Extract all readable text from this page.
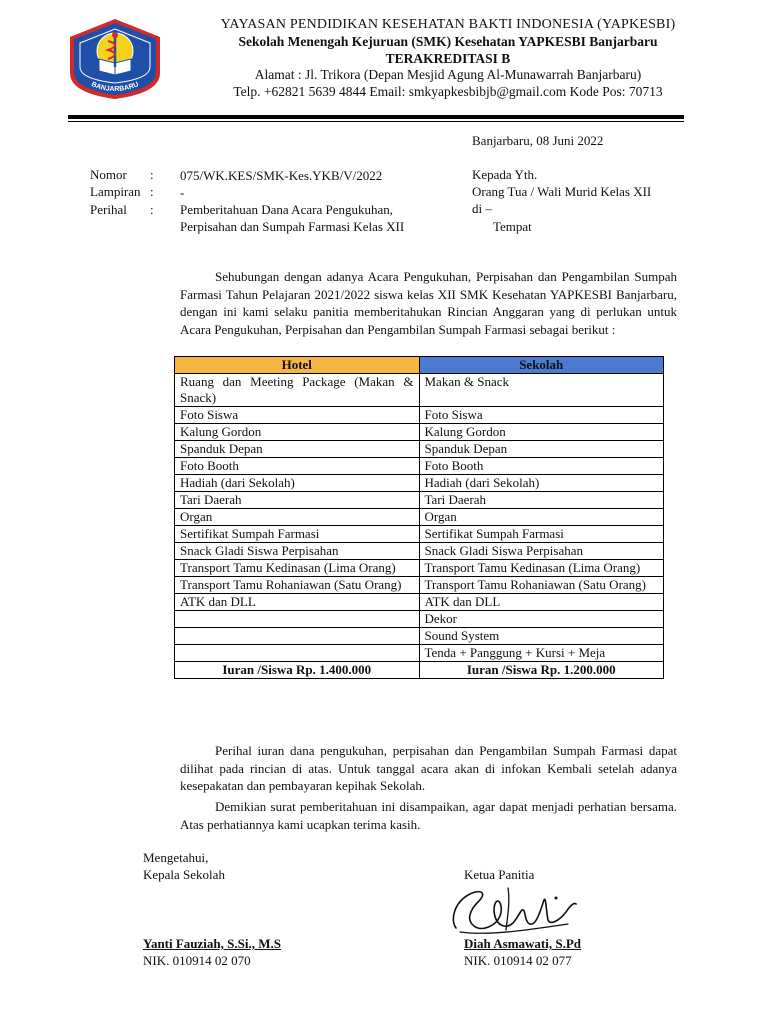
BANJARBARU
YAYASAN PENDIDIKAN KESEHATAN BAKTI INDONESIA (YAPKESBI)
Sekolah Menengah Kejuruan (SMK) Kesehatan YAPKESBI Banjarbaru
TERAKREDITASI B
Alamat : Jl. Trikora (Depan Mesjid Agung Al-Munawarrah Banjarbaru)
Telp. +62821 5639 4844 Email: smkyapkesbibjb@gmail.com Kode Pos: 70713
Banjarbaru, 08 Juni 2022
Nomor : 075/WK.KES/SMK-Kes.YKB/V/2022
Lampiran : -
Perihal : Pemberitahuan Dana Acara Pengukuhan, Perpisahan dan Sumpah Farmasi Kelas XII
Kepada Yth.
Orang Tua / Wali Murid Kelas XII
di –
Tempat

Sehubungan dengan adanya Acara Pengukuhan, Perpisahan dan Pengambilan Sumpah Farmasi Tahun Pelajaran 2021/2022 siswa kelas XII SMK Kesehatan YAPKESBI Banjarbaru, dengan ini kami selaku panitia memberitahukan Rincian Anggaran yang di perlukan untuk Acara Pengukuhan, Perpisahan dan Pengambilan Sumpah Farmasi sebagai berikut :

Hotel	Sekolah
Ruang dan Meeting Package (Makan & Snack)	Makan & Snack
Foto Siswa	Foto Siswa
Kalung Gordon	Kalung Gordon
Spanduk Depan	Spanduk Depan
Foto Booth	Foto Booth
Hadiah (dari Sekolah)	Hadiah (dari Sekolah)
Tari Daerah	Tari Daerah
Organ	Organ
Sertifikat Sumpah Farmasi	Sertifikat Sumpah Farmasi
Snack Gladi Siswa Perpisahan	Snack Gladi Siswa Perpisahan
Transport Tamu Kedinasan (Lima Orang)	Transport Tamu Kedinasan (Lima Orang)
Transport Tamu Rohaniawan (Satu Orang)	Transport Tamu Rohaniawan (Satu Orang)
ATK dan DLL	ATK dan DLL
	Dekor
	Sound System
	Tenda + Panggung + Kursi + Meja
Iuran /Siswa Rp. 1.400.000	Iuran /Siswa Rp. 1.200.000

Perihal iuran dana pengukuhan, perpisahan dan Pengambilan Sumpah Farmasi dapat dilihat pada rincian di atas. Untuk tanggal acara akan di infokan Kembali setelah adanya kesepakatan dan pembayaran kepihak Sekolah.

Demikian surat pemberitahuan ini disampaikan, agar dapat menjadi perhatian bersama. Atas perhatiannya kami ucapkan terima kasih.

Mengetahui,
Kepala Sekolah	Ketua Panitia
Yanti Fauziah, S.Si., M.S	Diah Asmawati, S.Pd
NIK. 010914 02 070	NIK. 010914 02 077
